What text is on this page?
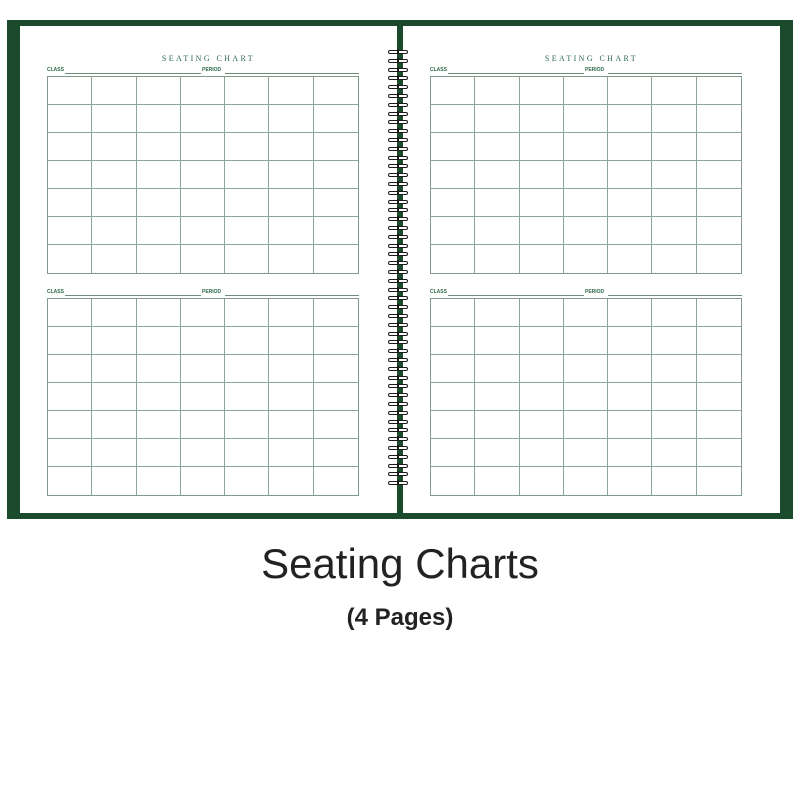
SEATING CHART
CLASS	PERIOD
CLASS	PERIOD
SEATING CHART
CLASS	PERIOD
CLASS	PERIOD
Seating Charts
(4 Pages)
